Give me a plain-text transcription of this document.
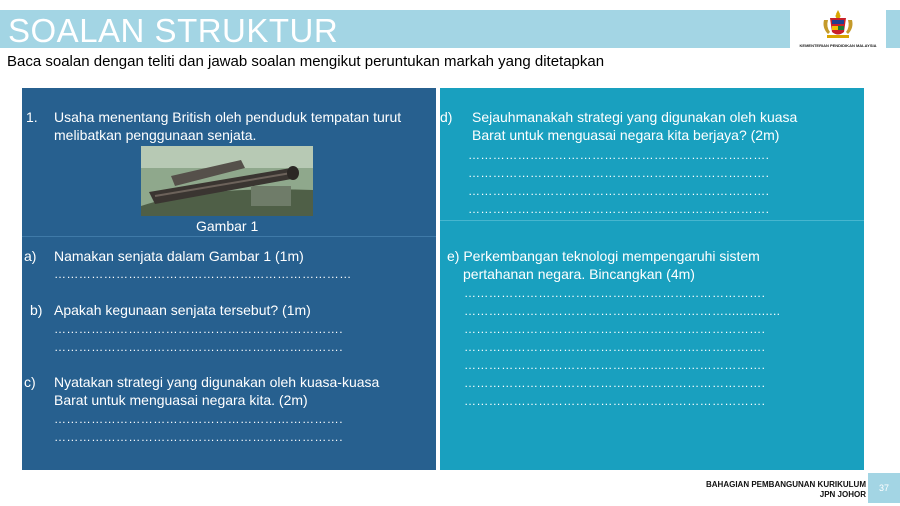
SOALAN STRUKTUR	KEMENTERIAN PENDIDIKAN MALAYSIA
Baca soalan dengan teliti dan jawab soalan mengikut peruntukan markah yang ditetapkan
1. Usaha menentang British oleh penduduk tempatan turut
melibatkan penggunaan senjata.
Gambar 1
a) Namakan senjata dalam Gambar 1 (1m)
………………………………………………………………
b) Apakah kegunaan senjata tersebut? (1m)
…………………………………………………………….
…………………………………………………………….
c) Nyatakan strategi yang digunakan oleh kuasa-kuasa
Barat untuk menguasai negara kita. (2m)
…………………………………………………………….
…………………………………………………………….
d) Sejauhmanakah strategi yang digunakan oleh kuasa
Barat untuk menguasai negara kita berjaya? (2m)
……………………………………………………………….
……………………………………………………………….
……………………………………………………………….
……………………………………………………………….
e) Perkembangan teknologi mempengaruhi sistem
pertahanan negara. Bincangkan (4m)
……………………………………………………………….
………………………………………………………...............
……………………………………………………………….
……………………………………………………………….
……………………………………………………………….
……………………………………………………………….
……………………………………………………………….
BAHAGIAN PEMBANGUNAN KURIKULUM
JPN JOHOR
37
